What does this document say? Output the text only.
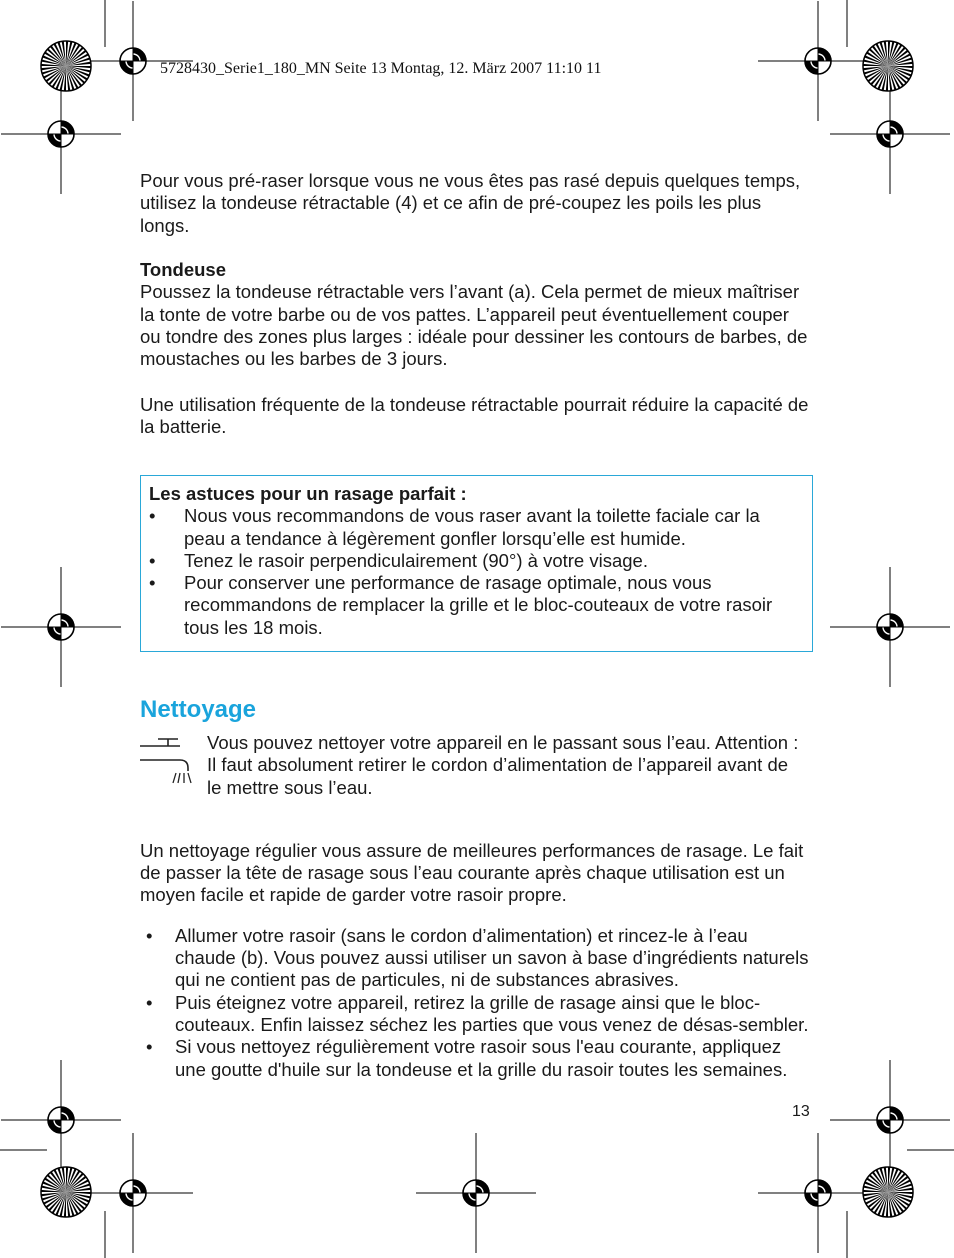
5728430_Serie1_180_MN Seite 13 Montag, 12. März 2007 11:10 11

Pour vous pré-raser lorsque vous ne vous êtes pas rasé depuis quelques temps, utilisez la tondeuse rétractable (4) et ce afin de pré-coupez les poils les plus longs.

Tondeuse

Poussez la tondeuse rétractable vers l’avant (a). Cela permet de mieux maîtriser la tonte de votre barbe ou de vos pattes. L’appareil peut éventuellement couper ou tondre des zones plus larges : idéale pour dessiner les contours de barbes, de moustaches ou les barbes de 3 jours.

Une utilisation fréquente de la tondeuse rétractable pourrait réduire la capacité de la batterie.

Les astuces pour un rasage parfait :

•	Nous vous recommandons de vous raser avant la toilette faciale car la peau a tendance à légèrement gonfler lorsqu’elle est humide.
•	Tenez le rasoir perpendiculairement (90°) à votre visage.
•	Pour conserver une performance de rasage optimale, nous vous recommandons de remplacer la grille et le bloc-couteaux de votre rasoir tous les 18 mois.
Nettoyage
Vous pouvez nettoyer votre appareil en le passant sous l’eau. Attention : Il faut absolument retirer le cordon d’alimentation de l’appareil avant de le mettre sous l’eau.

Un nettoyage régulier vous assure de meilleures performances de rasage. Le fait de passer la tête de rasage sous l’eau courante après chaque utilisation est un moyen facile et rapide de garder votre rasoir propre.

• Allumer votre rasoir (sans le cordon d’alimentation) et rincez-le à l’eau chaude (b). Vous pouvez aussi utiliser un savon à base d’ingrédients naturels qui ne contient pas de particules, ni de substances abrasives.
• Puis éteignez votre appareil, retirez la grille de rasage ainsi que le bloc-couteaux. Enfin laissez séchez les parties que vous venez de désas-sembler.
• Si vous nettoyez régulièrement votre rasoir sous l'eau courante, appliquez une goutte d'huile sur la tondeuse et la grille du rasoir toutes les semaines.
13
